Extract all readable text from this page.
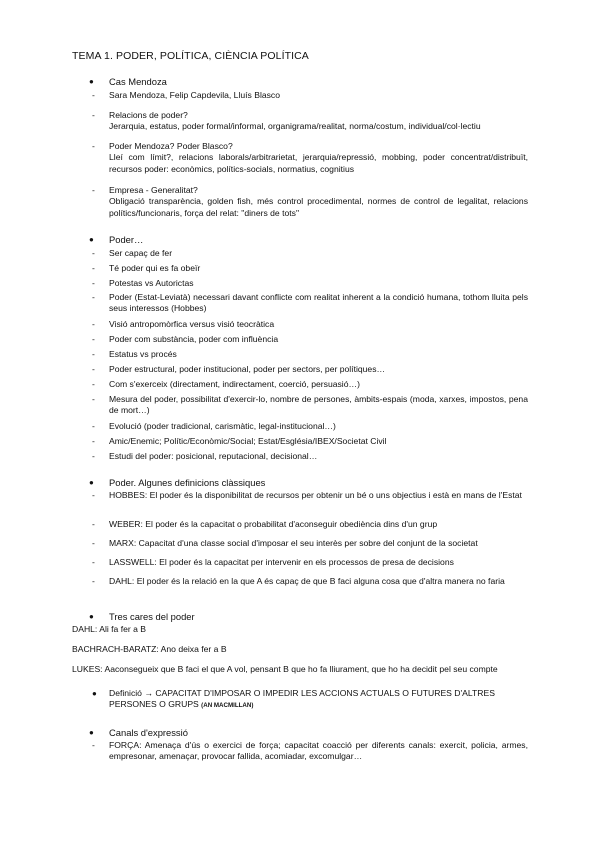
TEMA 1. PODER, POLÍTICA, CIÈNCIA POLÍTICA
● Cas Mendoza
- Sara Mendoza, Felip Capdevila, Lluís Blasco
- Relacions de poder?
Jerarquia, estatus, poder formal/informal, organigrama/realitat, norma/costum, individual/col·lectiu
- Poder Mendoza? Poder Blasco?
Lleí com límit?, relacions laborals/arbitrarietat, jerarquia/repressió, mobbing, poder concentrat/distribuït, recursos poder: econòmics, polítics-socials, normatius, cognitius
- Empresa - Generalitat?
Obligació transparència, golden fish, més control procedimental, normes de control de legalitat, relacions polítics/funcionaris, força del relat: "diners de tots"
● Poder…
- Ser capaç de fer
- Té poder qui es fa obeïr
- Potestas vs Autorictas
- Poder (Estat-Leviatà) necessari davant conflicte com realitat inherent a la condició humana, tothom lluita pels seus interessos (Hobbes)
- Visió antropomòrfica versus visió teocràtica
- Poder com substància, poder com influència
- Estatus vs procés
- Poder estructural, poder institucional, poder per sectors, per polítiques…
- Com s'exerceix (directament, indirectament, coerció, persuasió…)
- Mesura del poder, possibilitat d'exercir-lo, nombre de persones, àmbits-espais (moda, xarxes, impostos, pena de mort…)
- Evolució (poder tradicional, carismàtic, legal-institucional…)
- Amic/Enemic; Polític/Econòmic/Social; Estat/Església/IBEX/Societat Civil
- Estudi del poder: posicional, reputacional, decisional…
● Poder. Algunes definicions clàssiques
- HOBBES: El poder és la disponibilitat de recursos per obtenir un bé o uns objectius i està en mans de l'Estat
- WEBER: El poder és la capacitat o probabilitat d'aconseguir obediència dins d'un grup
- MARX: Capacitat d'una classe social d'imposar el seu interès per sobre del conjunt de la societat
- LASSWELL: El poder és la capacitat per intervenir en els processos de presa de decisions
- DAHL: El poder és la relació en la que A és capaç de que B faci alguna cosa que d'altra manera no faria
● Tres cares del poder
DAHL: Ali fa fer a B
BACHRACH-BARATZ: Ano deixa fer a B
LUKES: Aaconsegueix que B faci el que A vol, pensant B que ho fa lliurament, que ho ha decidit pel seu compte
● Definició → CAPACITAT D'IMPOSAR O IMPEDIR LES ACCIONS ACTUALS O FUTURES D'ALTRES PERSONES O GRUPS (AN MACMILLAN)
● Canals d'expressió
- FORÇA: Amenaça d'ús o exercici de força; capacitat coacció per diferents canals: exercit, policia, armes, empresonar, amenaçar, provocar fallida, acomiadar, excomulgar…
